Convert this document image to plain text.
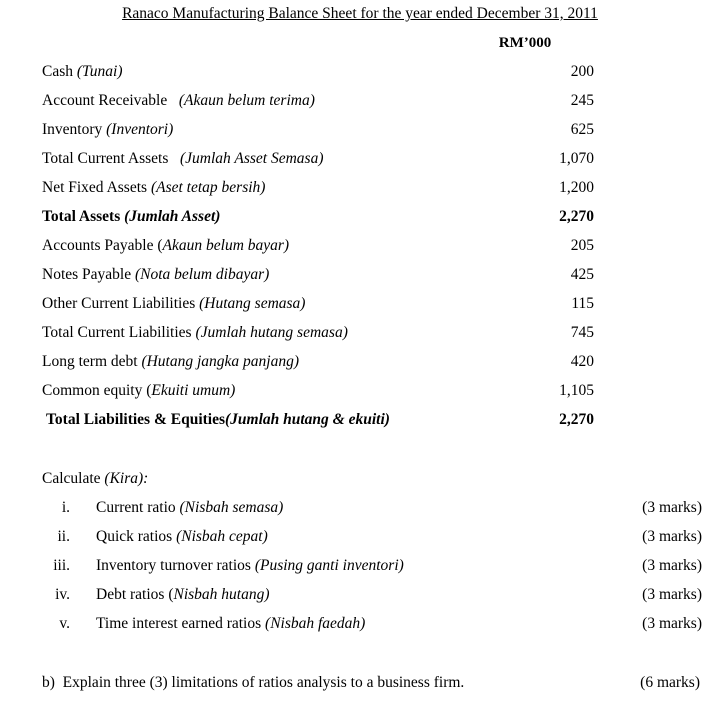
Ranaco Manufacturing Balance Sheet for the year ended December 31, 2011
RM’000
Cash (Tunai)	200
Account Receivable   (Akaun belum terima)	245
Inventory (Inventori)	625
Total Current Assets   (Jumlah Asset Semasa)	1,070
Net Fixed Assets (Aset tetap bersih)	1,200
Total Assets (Jumlah Asset)	2,270
Accounts Payable (Akaun belum bayar)	205
Notes Payable (Nota belum dibayar)	425
Other Current Liabilities (Hutang semasa)	115
Total Current Liabilities (Jumlah hutang semasa)	745
Long term debt (Hutang jangka panjang)	420
Common equity (Ekuiti umum)	1,105
Total Liabilities & Equities(Jumlah hutang & ekuiti)	2,270
Calculate (Kira):
i. Current ratio (Nisbah semasa)	(3 marks)
ii. Quick ratios (Nisbah cepat)	(3 marks)
iii. Inventory turnover ratios (Pusing ganti inventori)	(3 marks)
iv. Debt ratios (Nisbah hutang)	(3 marks)
v. Time interest earned ratios (Nisbah faedah)	(3 marks)
b)  Explain three (3) limitations of ratios analysis to a business firm.	(6 marks)
